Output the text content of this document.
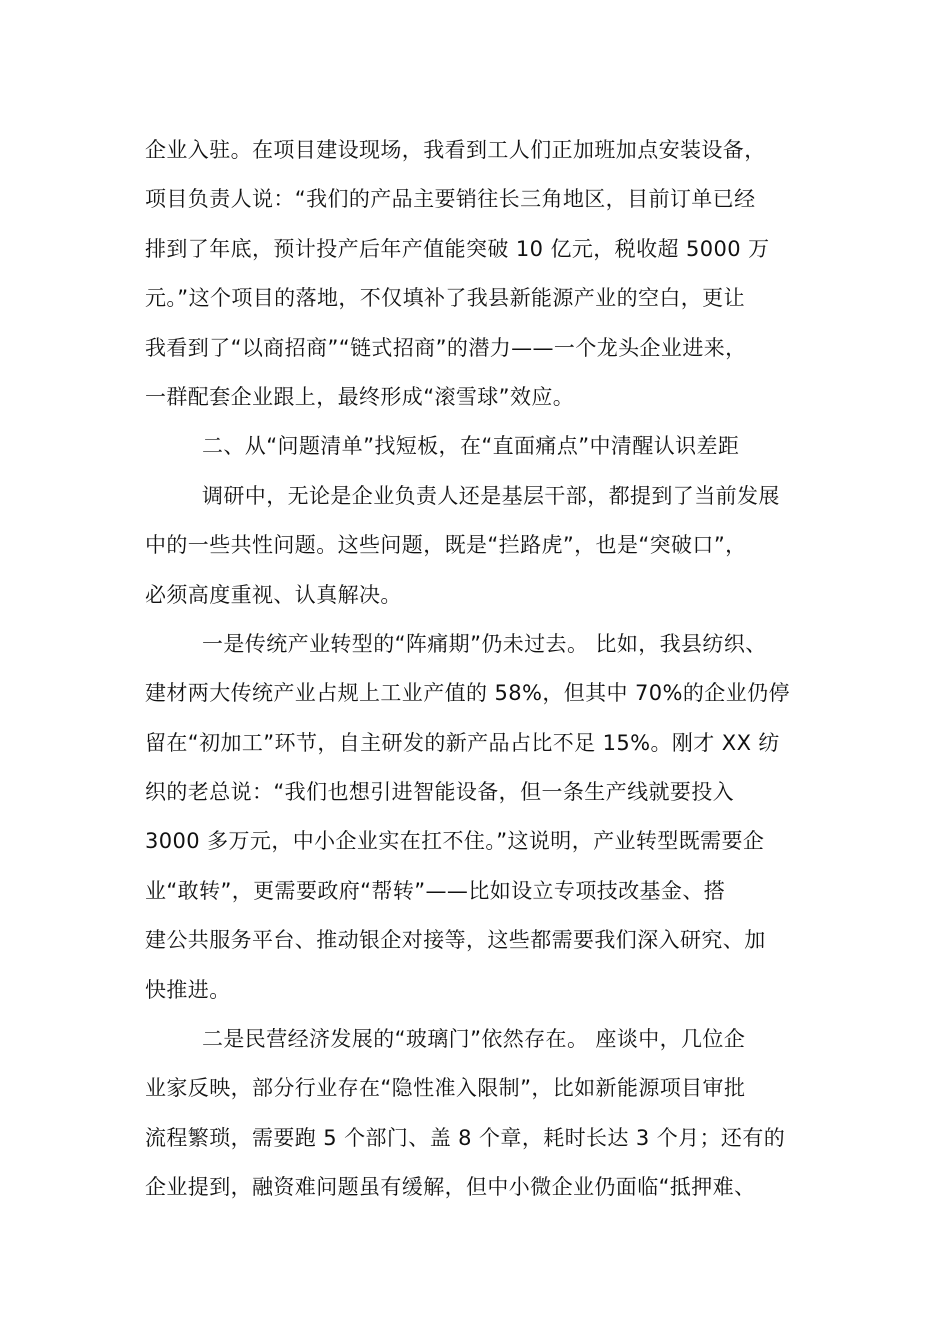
企业入驻。在项目建设现场，我看到工人们正加班加点安装设备，
项目负责人说：“我们的产品主要销往长三角地区，目前订单已经
排到了年底，预计投产后年产值能突破 10 亿元，税收超 5000 万
元。”这个项目的落地，不仅填补了我县新能源产业的空白，更让
我看到了“以商招商”“链式招商”的潜力——一个龙头企业进来，
一群配套企业跟上，最终形成“滚雪球”效应。
二、从“问题清单”找短板，在“直面痛点”中清醒认识差距
调研中，无论是企业负责人还是基层干部，都提到了当前发展
中的一些共性问题。这些问题，既是“拦路虎”，也是“突破口”，
必须高度重视、认真解决。
一是传统产业转型的“阵痛期”仍未过去。 比如，我县纺织、
建材两大传统产业占规上工业产值的 58%，但其中 70%的企业仍停
留在“初加工”环节，自主研发的新产品占比不足 15%。刚才 XX 纺
织的老总说：“我们也想引进智能设备，但一条生产线就要投入
3000 多万元，中小企业实在扛不住。”这说明，产业转型既需要企
业“敢转”，更需要政府“帮转”——比如设立专项技改基金、搭
建公共服务平台、推动银企对接等，这些都需要我们深入研究、加
快推进。
二是民营经济发展的“玻璃门”依然存在。 座谈中，几位企
业家反映，部分行业存在“隐性准入限制”，比如新能源项目审批
流程繁琐，需要跑 5 个部门、盖 8 个章，耗时长达 3 个月；还有的
企业提到，融资难问题虽有缓解，但中小微企业仍面临“抵押难、
